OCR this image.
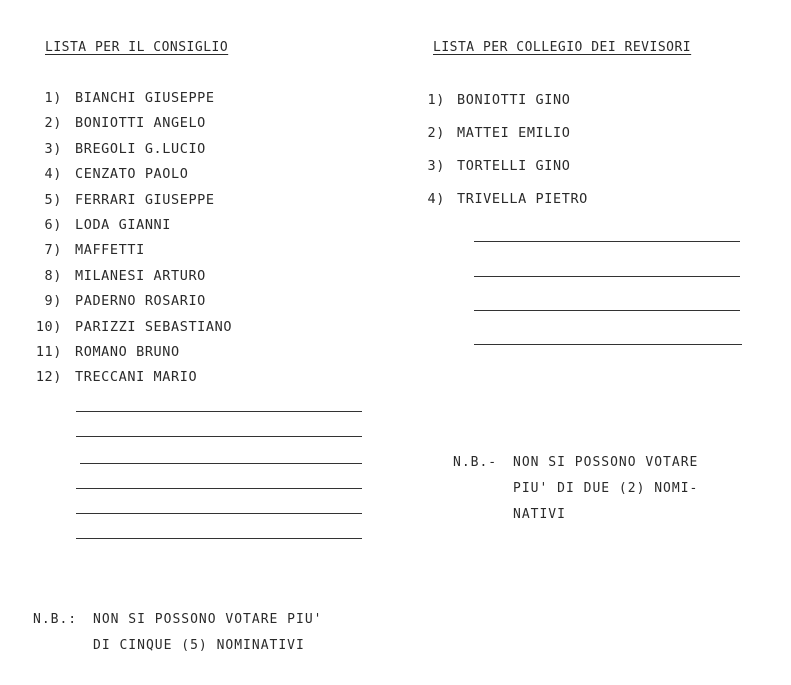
LISTA PER IL CONSIGLIO
1) BIANCHI GIUSEPPE
2) BONIOTTI ANGELO
3) BREGOLI G.LUCIO
4) CENZATO PAOLO
5) FERRARI GIUSEPPE
6) LODA GIANNI
7) MAFFETTI
8) MILANESI ARTURO
9) PADERNO ROSARIO
10) PARIZZI SEBASTIANO
11) ROMANO BRUNO
12) TRECCANI MARIO
N.B.: NON SI POSSONO VOTARE PIU'
DI CINQUE (5) NOMINATIVI
LISTA PER COLLEGIO DEI REVISORI
1) BONIOTTI GINO
2) MATTEI EMILIO
3) TORTELLI GINO
4) TRIVELLA PIETRO
N.B.- NON SI POSSONO VOTARE
PIU' DI DUE (2) NOMI-
NATIVI
